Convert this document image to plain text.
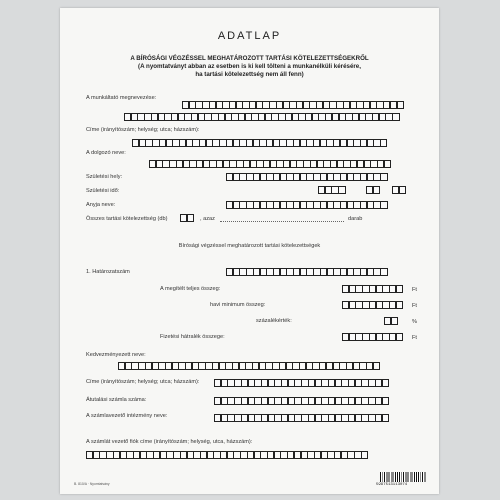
ADATLAP
A BÍRÓSÁGI VÉGZÉSSEL MEGHATÁROZOTT TARTÁSI KÖTELEZETTSÉGEKRŐL
(A nyomtatványt abban az esetben is ki kell tölteni a munkanélküli kérésére,
ha tartási kötelezettség nem áll fenn)
A munkáltató megnevezése:
Címe (irányítószám; helység; utca; házszám):
A dolgozó neve:
Születési hely:
Születési idő:
Anyja neve:
Összes tartási kötelezettség (db)	, azaz	darab
Bírósági végzéssel meghatározott tartási kötelezettségek
1. Határozatszám
A megítélt teljes összeg:	Ft
havi minimum összeg:	Ft
százalékérték:	%
Fizetési hátralék összege:	Ft
Kedvezményezett neve:
Címe (irányítószám; helység; utca; házszám):
Átutalási számla száma:
A számlavezető intézmény neve:
A számlát vezető fiók címe (irányítószám; helység, utca, házszám):
B. 810/A · Nyomtatvány	5997513113074
